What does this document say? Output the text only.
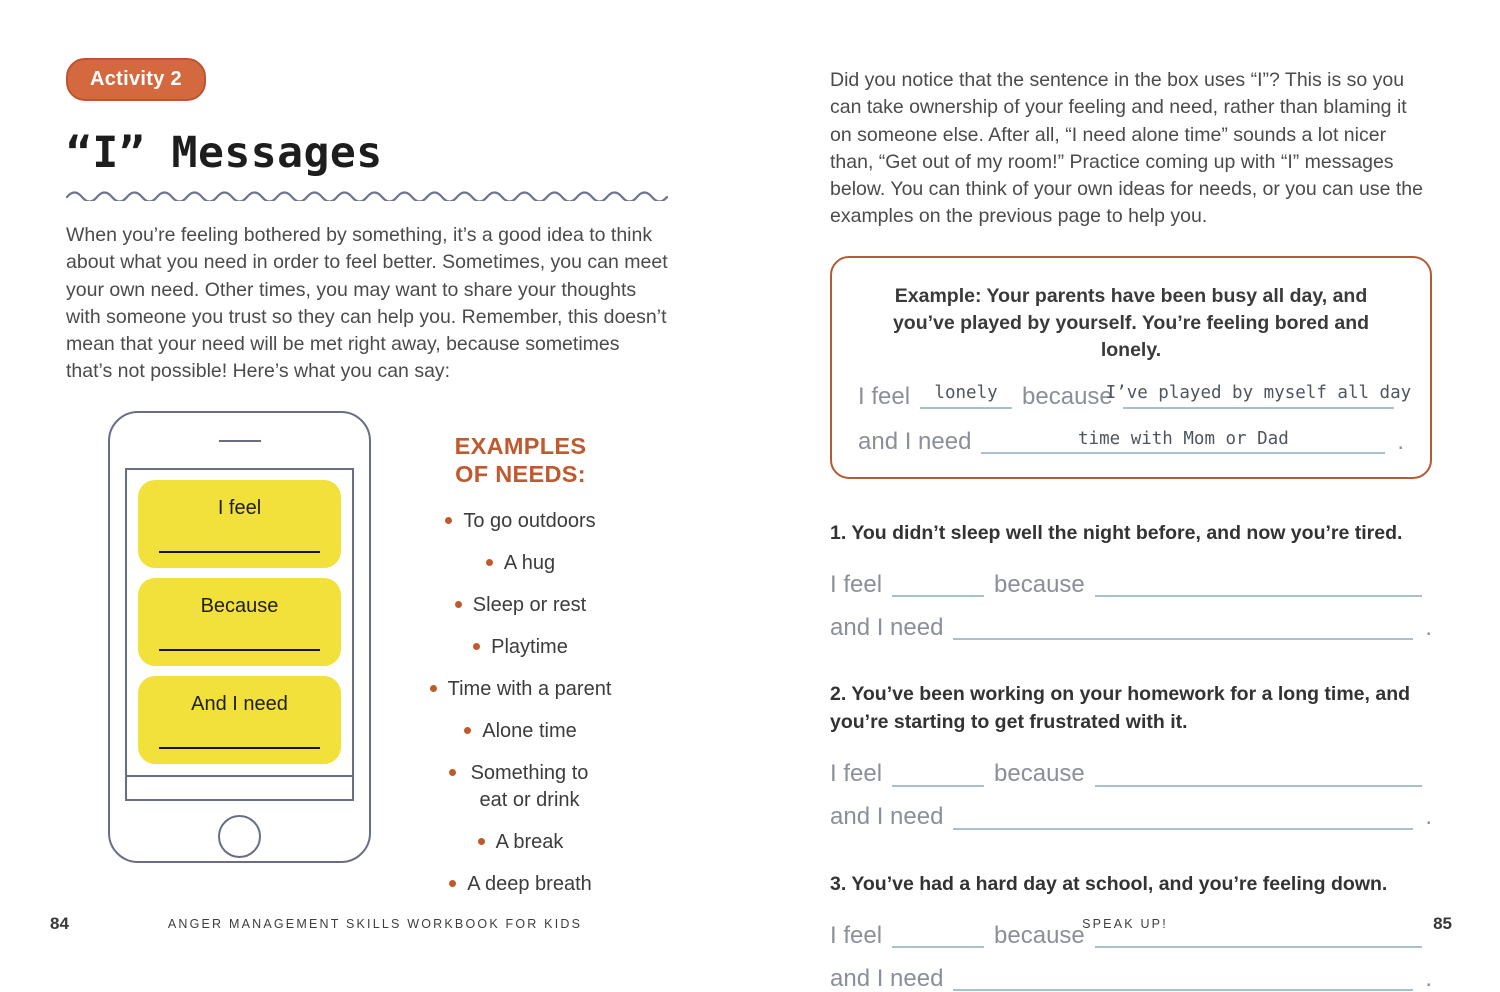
Activity 2
“I” Messages

When you’re feeling bothered by something, it’s a good idea to think about what you need in order to feel better. Sometimes, you can meet your own need. Other times, you may want to share your thoughts with someone you trust so they can help you. Remember, this doesn’t mean that your need will be met right away, because sometimes that’s not possible! Here’s what you can say:

I feel
Because
And I need
EXAMPLES OF NEEDS:
To go outdoors
A hug
Sleep or rest
Playtime
Time with a parent
Alone time
Something to eat or drink
A break
A deep breath
84	ANGER MANAGEMENT SKILLS WORKBOOK FOR KIDS

Did you notice that the sentence in the box uses “I”? This is so you can take ownership of your feeling and need, rather than blaming it on someone else. After all, “I need alone time” sounds a lot nicer than, “Get out of my room!” Practice coming up with “I” messages below. You can think of your own ideas for needs, or you can use the examples on the previous page to help you.

Example: Your parents have been busy all day, and you’ve played by yourself. You’re feeling bored and lonely.

I feel	lonely	because
I’ve played by myself all day
and I need	time with Mom or Dad	.

1. You didn’t sleep well the night before, and now you’re tired.

I feel	because
and I need	.

2. You’ve been working on your homework for a long time, and you’re starting to get frustrated with it.

I feel	because
and I need	.

3. You’ve had a hard day at school, and you’re feeling down.

I feel	because
and I need	.
SPEAK UP!	85
